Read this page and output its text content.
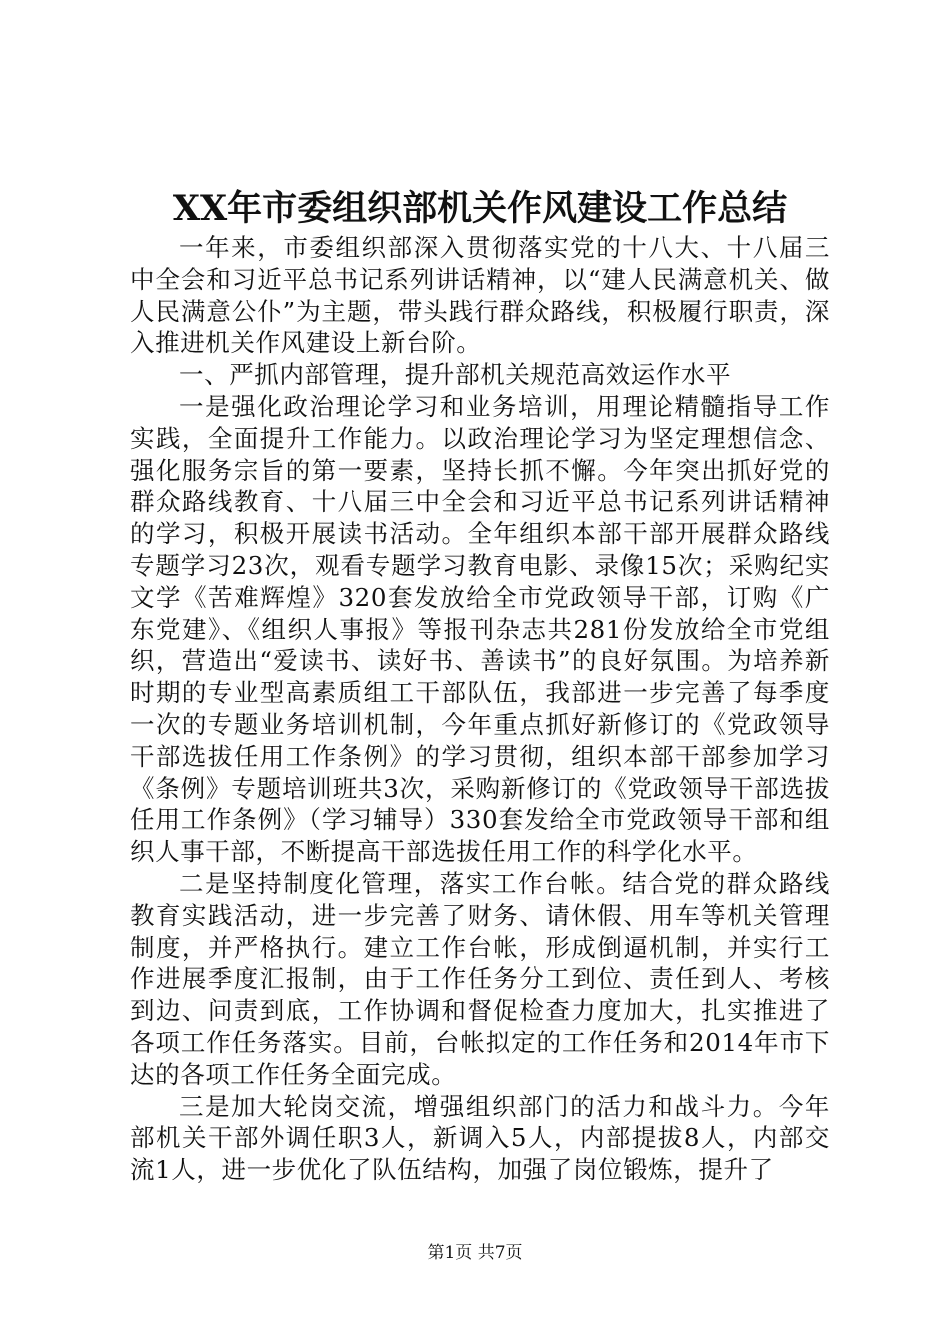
XX年市委组织部机关作风建设工作总结

一年来，市委组织部深入贯彻落实党的十八大、十八届三中全会和习近平总书记系列讲话精神，以“建人民满意机关、做人民满意公仆”为主题，带头践行群众路线，积极履行职责，深入推进机关作风建设上新台阶。

一、严抓内部管理，提升部机关规范高效运作水平

一是强化政治理论学习和业务培训，用理论精髓指导工作实践，全面提升工作能力。以政治理论学习为坚定理想信念、强化服务宗旨的第一要素，坚持长抓不懈。今年突出抓好党的群众路线教育、十八届三中全会和习近平总书记系列讲话精神的学习，积极开展读书活动。全年组织本部干部开展群众路线专题学习23次，观看专题学习教育电影、录像15次；采购纪实文学《苦难辉煌》320套发放给全市党政领导干部，订购《广东党建》、《组织人事报》等报刊杂志共281份发放给全市党组织，营造出“爱读书、读好书、善读书”的良好氛围。为培养新时期的专业型高素质组工干部队伍，我部进一步完善了每季度一次的专题业务培训机制，今年重点抓好新修订的《党政领导干部选拔任用工作条例》的学习贯彻，组织本部干部参加学习《条例》专题培训班共3次，采购新修订的《党政领导干部选拔任用工作条例》（学习辅导）330套发给全市党政领导干部和组织人事干部，不断提高干部选拔任用工作的科学化水平。

二是坚持制度化管理，落实工作台帐。结合党的群众路线教育实践活动，进一步完善了财务、请休假、用车等机关管理制度，并严格执行。建立工作台帐，形成倒逼机制，并实行工作进展季度汇报制，由于工作任务分工到位、责任到人、考核到边、问责到底，工作协调和督促检查力度加大，扎实推进了各项工作任务落实。目前，台帐拟定的工作任务和2014年市下达的各项工作任务全面完成。

三是加大轮岗交流，增强组织部门的活力和战斗力。今年部机关干部外调任职3人，新调入5人，内部提拔8人，内部交流1人，进一步优化了队伍结构，加强了岗位锻炼，提升了

第1页 共7页
